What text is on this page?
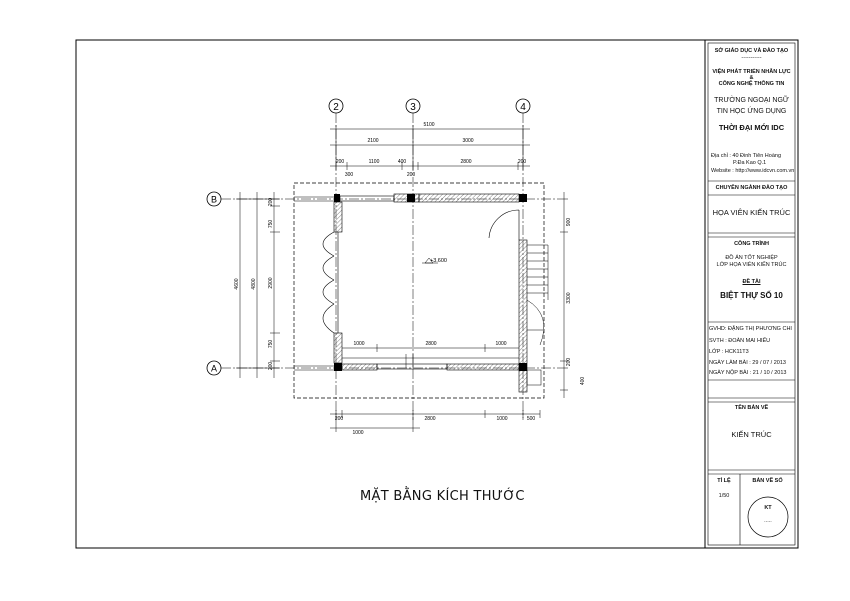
2	3	4
B
A
+3.600
5100
2100	3000
200	1100	400	2800	200
300	200
4600 4800
200
750
2900
750
200
900
3300
200
400
200	2800	1000	500
1000
1000	2800	1000
MẶT BẰNG KÍCH THƯỚC
SỞ GIÁO DỤC VÀ ĐÀO TẠO
-----------
VIỆN PHÁT TRIỂN NHÂN LỰC
&
CÔNG NGHỆ THÔNG TIN
TRƯỜNG NGOẠI NGỮ
TIN HỌC ỨNG DỤNG
THỜI ĐẠI MỚI IDC
Địa chỉ : 40 Đinh Tiên Hoàng
P.Đa Kao Q.1
Website : http://www.idcvn.com.vn
CHUYÊN NGÀNH ĐÀO TẠO
HỌA VIÊN KIẾN TRÚC
CÔNG TRÌNH
ĐỒ ÁN TỐT NGHIỆP
LỚP HỌA VIÊN KIẾN TRÚC
ĐỀ TÀI
BIỆT THỰ SỐ 10
GVHD: ĐẶNG THỊ PHƯƠNG CHI
SVTH : ĐOÀN MAI HIẾU
LỚP : HCK11T3
NGÀY LÀM BÀI : 29 / 07 / 2013
NGÀY NỘP BÀI : 21 / 10 / 2013
TÊN BẢN VẼ
KIẾN TRÚC
TỈ LỆ
1/50
BẢN VẼ SỐ
KT
.....
